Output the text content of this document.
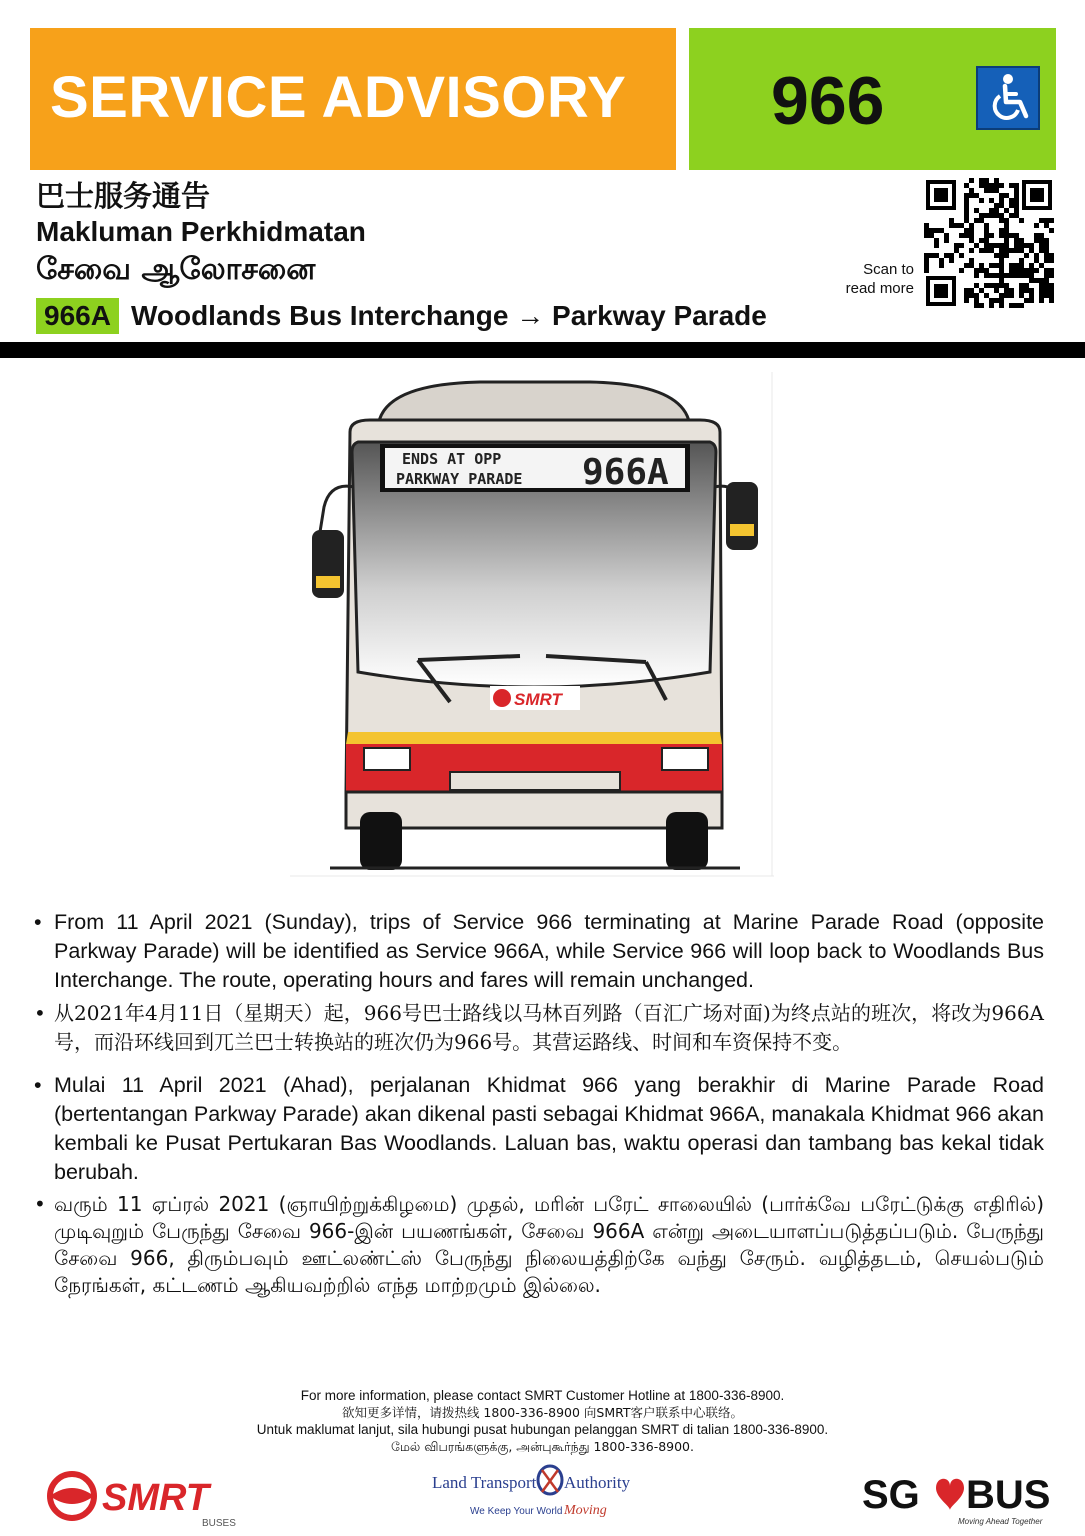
SERVICE ADVISORY 966
巴士服务通告
Makluman Perkhidmatan
சேவை ஆலோசனை
966A Woodlands Bus Interchange → Parkway Parade
Scan to
read more
ENDS AT OPP
PARKWAY PARADE 966A
SMRT
• From 11 April 2021 (Sunday), trips of Service 966 terminating at Marine Parade Road (opposite Parkway Parade) will be identified as Service 966A, while Service 966 will loop back to Woodlands Bus Interchange. The route, operating hours and fares will remain unchanged.
• 从2021年4月11日（星期天）起，966号巴士路线以马林百列路（百汇广场对面)为终点站的班次，将改为966A号，而沿环线回到兀兰巴士转换站的班次仍为966号。其营运路线、时间和车资保持不变。
• Mulai 11 April 2021 (Ahad), perjalanan Khidmat 966 yang berakhir di Marine Parade Road (bertentangan Parkway Parade) akan dikenal pasti sebagai Khidmat 966A, manakala Khidmat 966 akan kembali ke Pusat Pertukaran Bas Woodlands. Laluan bas, waktu operasi dan tambang bas kekal tidak berubah.
• வரும் 11 ஏப்ரல் 2021 (ஞாயிற்றுக்கிழமை) முதல், மரின் பரேட் சாலையில் (பார்க்வே பரேட்டுக்கு எதிரில்) முடிவுறும் பேருந்து சேவை 966-இன் பயணங்கள், சேவை 966A என்று அடையாளப்படுத்தப்படும். பேருந்து சேவை 966, திரும்பவும் ஊட்லண்ட்ஸ் பேருந்து நிலையத்திற்கே வந்து சேரும். வழித்தடம், செயல்படும் நேரங்கள், கட்டணம் ஆகியவற்றில் எந்த மாற்றமும் இல்லை.
For more information, please contact SMRT Customer Hotline at 1800-336-8900.
欲知更多详情，请拨热线 1800-336-8900 向SMRT客户联系中心联络。
Untuk maklumat lanjut, sila hubungi pusat hubungan pelanggan SMRT di talian 1800-336-8900.
மேல் விபரங்களுக்கு, அன்புகூர்ந்து 1800-336-8900.
SMRT
BUSES
Land Transport Authority
We Keep Your World Moving	SG BUS
Moving Ahead Together
